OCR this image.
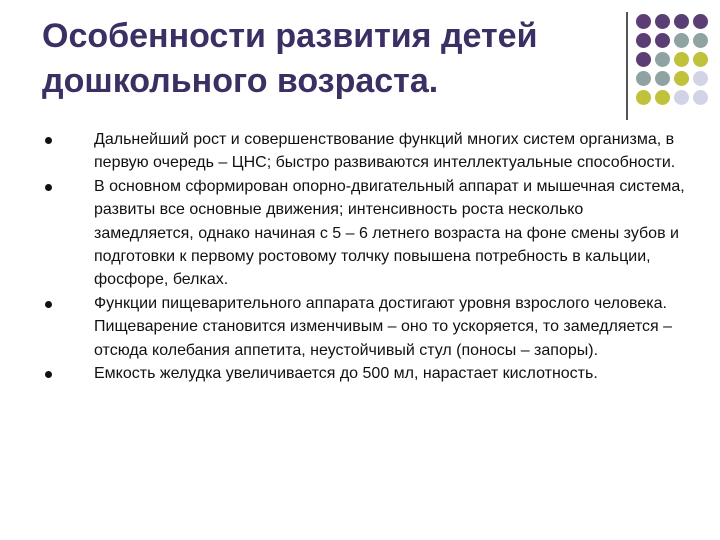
Особенности развития детей
дошкольного возраста.
Дальнейший рост и совершенствование функций многих систем организма, в первую очередь – ЦНС; быстро развиваются интеллектуальные способности.
В основном сформирован опорно-двигательный аппарат и мышечная система, развиты все основные движения; интенсивность роста несколько замедляется, однако начиная с 5 – 6 летнего возраста на фоне смены зубов и подготовки к первому ростовому толчку повышена потребность в кальции, фосфоре, белках.
Функции пищеварительного аппарата достигают уровня взрослого человека. Пищеварение становится изменчивым – оно то ускоряется, то замедляется – отсюда колебания аппетита, неустойчивый стул (поносы – запоры).
Емкость желудка увеличивается до 500 мл, нарастает кислотность.
